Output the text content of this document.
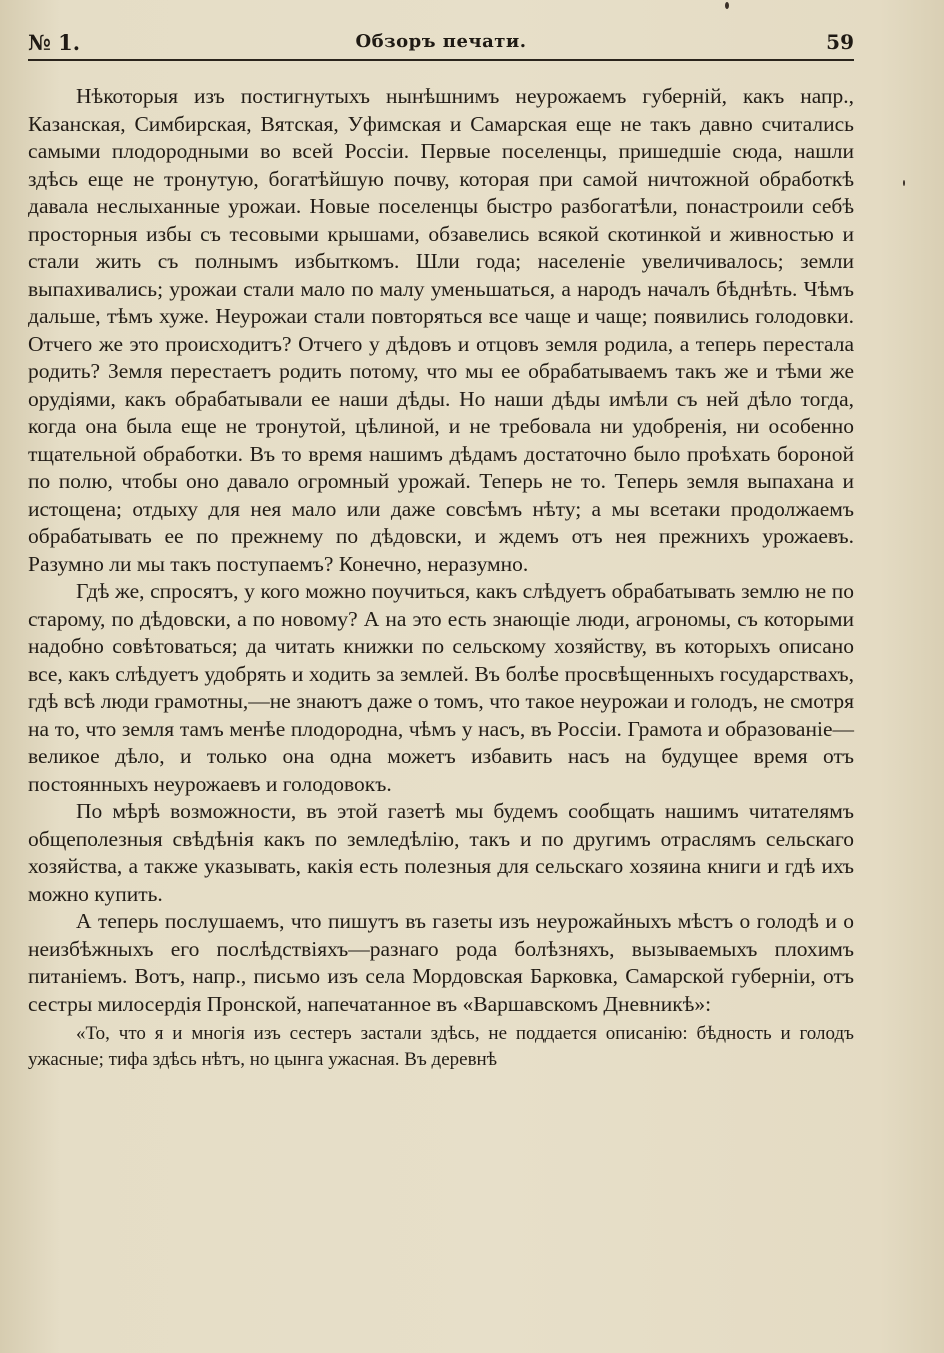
№ 1.	Обзоръ печати.	59

Нѣкоторыя изъ постигнутыхъ нынѣшнимъ неурожаемъ губерній, какъ напр., Казанская, Симбирская, Вятская, Уфимская и Самарская еще не такъ давно считались самыми плодородными во всей Россіи. Первые поселенцы, пришедшіе сюда, нашли здѣсь еще не тронутую, богатѣйшую почву, которая при самой ничтожной обработкѣ давала неслыханные урожаи. Новые поселенцы быстро разбогатѣли, понастроили себѣ просторныя избы съ тесовыми крышами, обзавелись всякой скотинкой и живностью и стали жить съ полнымъ избыткомъ. Шли года; населеніе увеличивалось; земли выпахивались; урожаи стали мало по малу уменьшаться, а народъ началъ бѣднѣть. Чѣмъ дальше, тѣмъ хуже. Неурожаи стали повторяться все чаще и чаще; появились голодовки. Отчего же это происходитъ? Отчего у дѣдовъ и отцовъ земля родила, а теперь перестала родить? Земля перестаетъ родить потому, что мы ее обрабатываемъ такъ же и тѣми же орудіями, какъ обрабатывали ее наши дѣды. Но наши дѣды имѣли съ ней дѣло тогда, когда она была еще не тронутой, цѣлиной, и не требовала ни удобренія, ни особенно тщательной обработки. Въ то время нашимъ дѣдамъ достаточно было проѣхать бороной по полю, чтобы оно давало огромный урожай. Теперь не то. Теперь земля выпахана и истощена; отдыху для нея мало или даже совсѣмъ нѣту; а мы всетаки продолжаемъ обрабатывать ее по прежнему по дѣдовски, и ждемъ отъ нея прежнихъ урожаевъ. Разумно ли мы такъ поступаемъ? Конечно, неразумно.

Гдѣ же, спросятъ, у кого можно поучиться, какъ слѣдуетъ обрабатывать землю не по старому, по дѣдовски, а по новому? А на это есть знающіе люди, агрономы, съ которыми надобно совѣтоваться; да читать книжки по сельскому хозяйству, въ которыхъ описано все, какъ слѣдуетъ удобрять и ходить за землей. Въ болѣе просвѣщенныхъ государствахъ, гдѣ всѣ люди грамотны,—не знаютъ даже о томъ, что такое неурожаи и голодъ, не смотря на то, что земля тамъ менѣе плодородна, чѣмъ у насъ, въ Россіи. Грамота и образованіе—великое дѣло, и только она одна можетъ избавить насъ на будущее время отъ постоянныхъ неурожаевъ и голодовокъ.

По мѣрѣ возможности, въ этой газетѣ мы будемъ сообщать нашимъ читателямъ общеполезныя свѣдѣнія какъ по земледѣлію, такъ и по другимъ отраслямъ сельскаго хозяйства, а также указывать, какія есть полезныя для сельскаго хозяина книги и гдѣ ихъ можно купить.

А теперь послушаемъ, что пишутъ въ газеты изъ неурожайныхъ мѣстъ о голодѣ и о неизбѣжныхъ его послѣдствіяхъ—разнаго рода болѣзняхъ, вызываемыхъ плохимъ питаніемъ. Вотъ, напр., письмо изъ села Мордовская Барковка, Самарской губерніи, отъ сестры милосердія Пронской, напечатанное въ «Варшавскомъ Дневникѣ»:

«То, что я и многія изъ сестеръ застали здѣсь, не поддается описанію: бѣдность и голодъ ужасные; тифа здѣсь нѣтъ, но цынга ужасная. Въ деревнѣ
